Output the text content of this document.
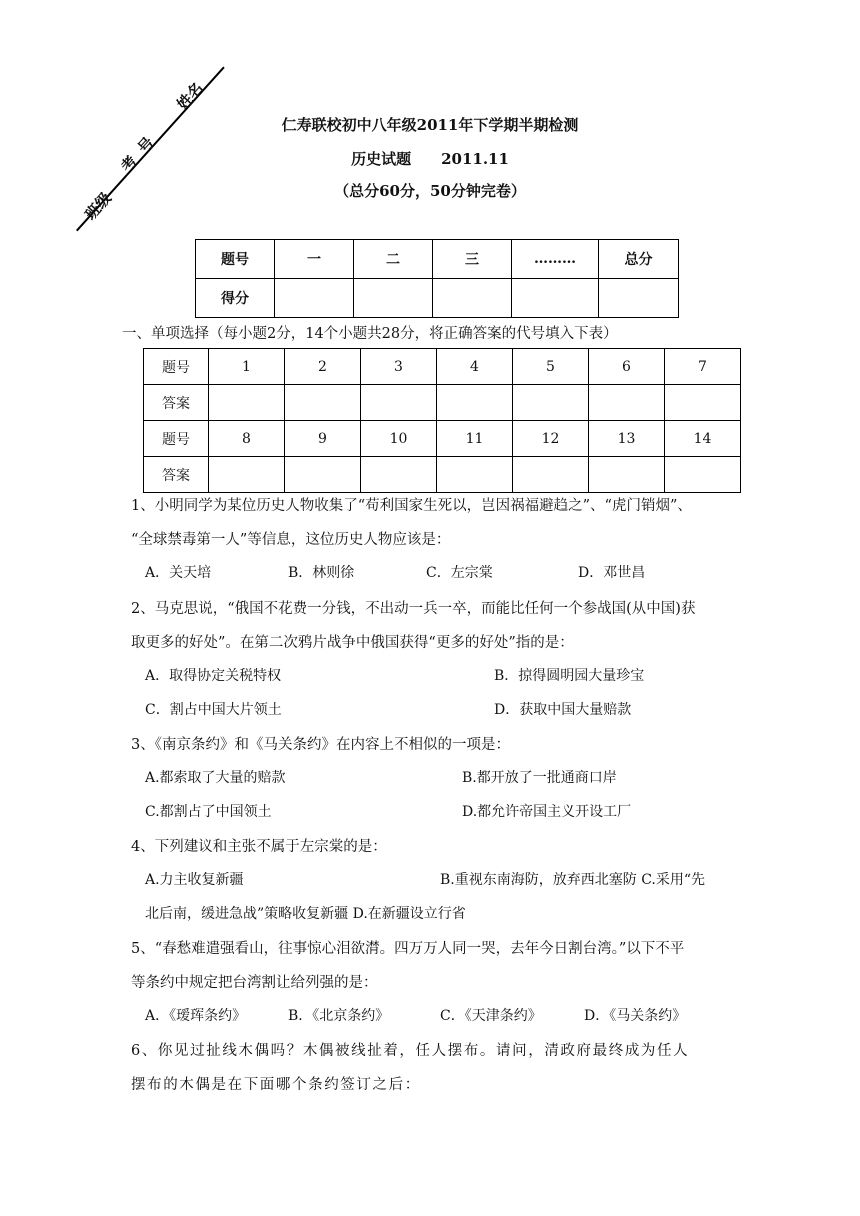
姓名
考号
班级
仁寿联校初中八年级2011年下学期半期检测
历史试题 2011.11
（总分60分，50分钟完卷）
题号	一	二	三	………	总分
得分					
一、单项选择（每小题2分，14个小题共28分，将正确答案的代号填入下表）
题号	1	2	3	4	5	6	7
答案							
题号	8	9	10	11	12	13	14
答案							
1、小明同学为某位历史人物收集了“苟利国家生死以，岂因祸福避趋之”、“虎门销烟”、
“全球禁毒第一人”等信息，这位历史人物应该是：
A．关天培	B．林则徐	C．左宗棠	D．邓世昌
2、马克思说，“俄国不花费一分钱，不出动一兵一卒，而能比任何一个参战国(从中国)获
取更多的好处”。在第二次鸦片战争中俄国获得“更多的好处”指的是：
A．取得协定关税特权	B．掠得圆明园大量珍宝
C．割占中国大片领土	D．获取中国大量赔款
3、《南京条约》和《马关条约》在内容上不相似的一项是：
A.都索取了大量的赔款	B.都开放了一批通商口岸
C.都割占了中国领土	D.都允许帝国主义开设工厂
4、下列建议和主张不属于左宗棠的是：
A.力主收复新疆	B.重视东南海防，放弃西北塞防 C.采用“先
北后南，缓进急战”策略收复新疆 D.在新疆设立行省
5、“春愁难遣强看山，往事惊心泪欲潸。四万万人同一哭，去年今日割台湾。”以下不平
等条约中规定把台湾割让给列强的是：
A．《瑷珲条约》	B．《北京条约》	C．《天津条约》	D．《马关条约》
6、你见过扯线木偶吗？木偶被线扯着，任人摆布。请问，清政府最终成为任人
摆布的木偶是在下面哪个条约签订之后：
